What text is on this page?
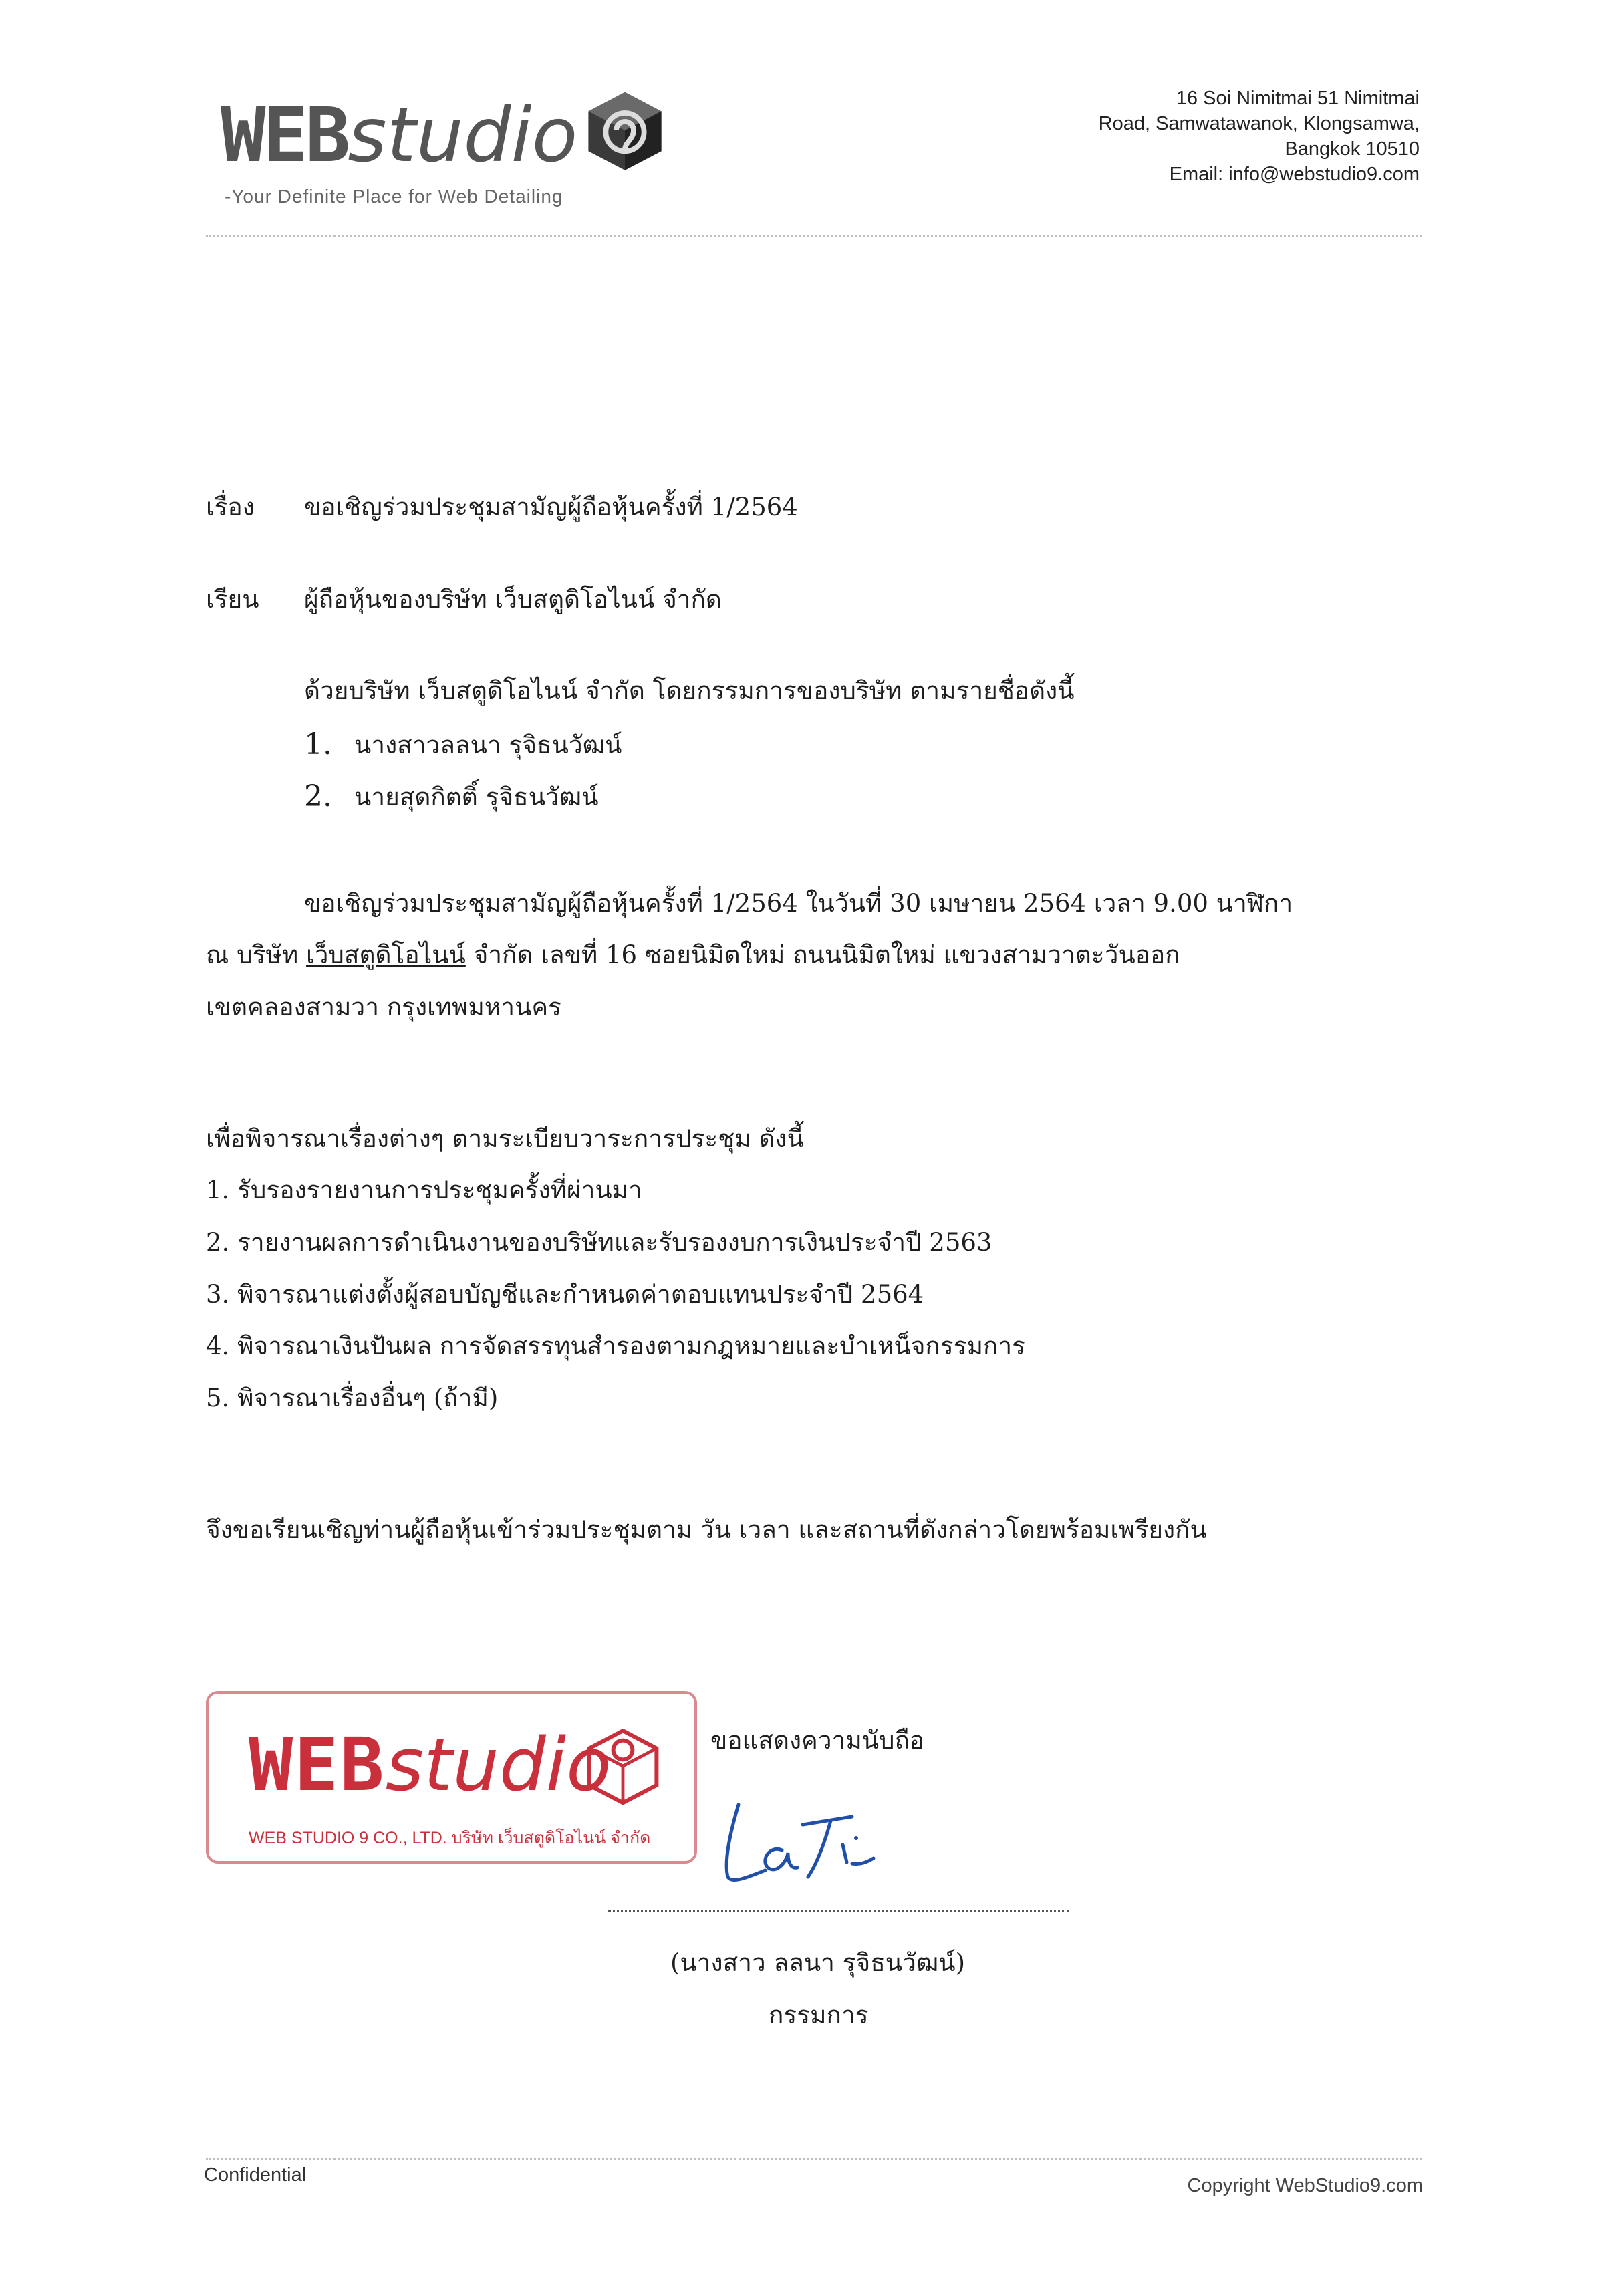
WEBstudio
-Your Definite Place for Web Detailing
16 Soi Nimitmai 51 Nimitmai
Road, Samwatawanok, Klongsamwa,
Bangkok 10510
Email: info@webstudio9.com
เรื่อง ขอเชิญร่วมประชุมสามัญผู้ถือหุ้นครั้งที่ 1/2564
เรียน ผู้ถือหุ้นของบริษัท เว็บสตูดิโอไนน์ จำกัด
ด้วยบริษัท เว็บสตูดิโอไนน์ จำกัด โดยกรรมการของบริษัท ตามรายชื่อดังนี้
1. นางสาวลลนา รุจิธนวัฒน์
2. นายสุดกิตติ์ รุจิธนวัฒน์
ขอเชิญร่วมประชุมสามัญผู้ถือหุ้นครั้งที่ 1/2564 ในวันที่ 30 เมษายน 2564 เวลา 9.00 นาฬิกา
ณ บริษัท เว็บสตูดิโอไนน์ จำกัด เลขที่ 16 ซอยนิมิตใหม่ ถนนนิมิตใหม่ แขวงสามวาตะวันออก
เขตคลองสามวา กรุงเทพมหานคร
เพื่อพิจารณาเรื่องต่างๆ ตามระเบียบวาระการประชุม ดังนี้
1. รับรองรายงานการประชุมครั้งที่ผ่านมา
2. รายงานผลการดำเนินงานของบริษัทและรับรองงบการเงินประจำปี 2563
3. พิจารณาแต่งตั้งผู้สอบบัญชีและกำหนดค่าตอบแทนประจำปี 2564
4. พิจารณาเงินปันผล การจัดสรรทุนสำรองตามกฎหมายและบำเหน็จกรรมการ
5. พิจารณาเรื่องอื่นๆ (ถ้ามี)
จึงขอเรียนเชิญท่านผู้ถือหุ้นเข้าร่วมประชุมตาม วัน เวลา และสถานที่ดังกล่าวโดยพร้อมเพรียงกัน
WEBstudio
WEB STUDIO 9 CO., LTD. บริษัท เว็บสตูดิโอไนน์ จำกัด
ขอแสดงความนับถือ
(นางสาว ลลนา รุจิธนวัฒน์)
กรรมการ
Confidential	Copyright WebStudio9.com
